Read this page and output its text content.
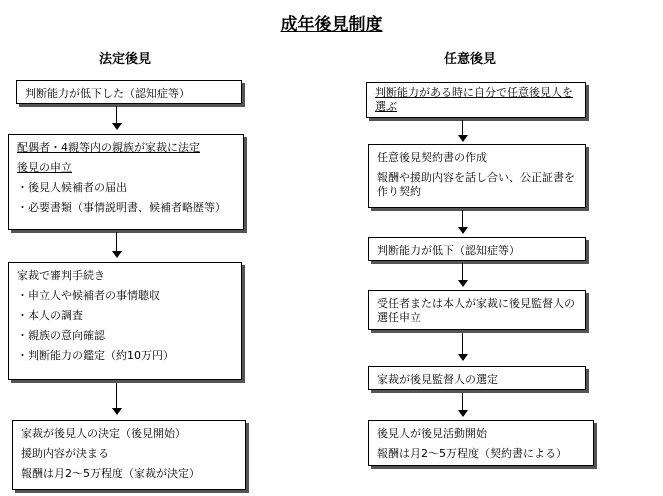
成年後見制度
法定後見
判断能力が低下した（認知症等）
配偶者・4親等内の親族が家裁に法定
後見の申立
・後見人候補者の届出
・必要書類（事情説明書、候補者略歴等）
家裁で審判手続き
・申立人や候補者の事情聴収
・本人の調査
・親族の意向確認
・判断能力の鑑定（約10万円）
家裁が後見人の決定（後見開始）
援助内容が決まる
報酬は月2～5万程度（家裁が決定）
任意後見
判断能力がある時に自分で任意後見人を選ぶ
任意後見契約書の作成
報酬や援助内容を話し合い、公正証書を作り契約
判断能力が低下（認知症等）
受任者または本人が家裁に後見監督人の選任申立
家裁が後見監督人の選定
後見人が後見活動開始
報酬は月2～5万程度（契約書による）
